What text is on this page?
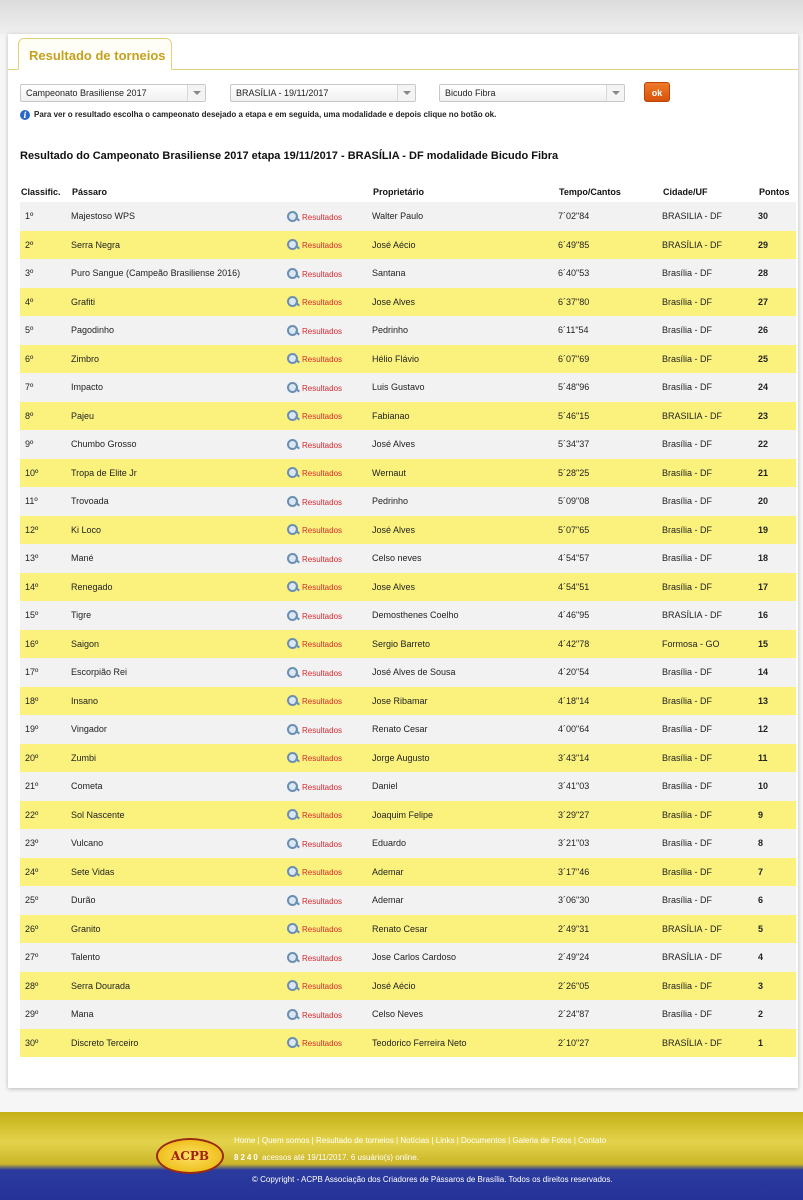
Resultado de torneios
Campeonato Brasiliense 2017	BRASÍLIA - 19/11/2017	Bicudo Fibra	ok
i Para ver o resultado escolha o campeonato desejado a etapa e em seguida, uma modalidade e depois clique no botão ok.
Resultado do Campeonato Brasiliense 2017 etapa 19/11/2017 - BRASÍLIA - DF modalidade Bicudo Fibra
Classific.	Pássaro		Proprietário	Tempo/Cantos	Cidade/UF	Pontos
1º	Majestoso WPS	Resultados	Walter Paulo	7´02"84	BRASILIA - DF	30
2º	Serra Negra	Resultados	José Aécio	6´49"85	BRASÍLIA - DF	29
3º	Puro Sangue (Campeão Brasiliense 2016)	Resultados	Santana	6´40"53	Brasília - DF	28
4º	Grafiti	Resultados	Jose Alves	6´37"80	Brasília - DF	27
5º	Pagodinho	Resultados	Pedrinho	6´11"54	Brasília - DF	26
6º	Zimbro	Resultados	Hélio Flávio	6´07"69	Brasília - DF	25
7º	Impacto	Resultados	Luis Gustavo	5´48"96	Brasília - DF	24
8º	Pajeu	Resultados	Fabianao	5´46"15	BRASILIA - DF	23
9º	Chumbo Grosso	Resultados	José Alves	5´34"37	Brasília - DF	22
10º	Tropa de Elite Jr	Resultados	Wernaut	5´28"25	Brasília - DF	21
11º	Trovoada	Resultados	Pedrinho	5´09"08	Brasília - DF	20
12º	Ki Loco	Resultados	José Alves	5´07"65	Brasília - DF	19
13º	Mané	Resultados	Celso neves	4´54"57	Brasília - DF	18
14º	Renegado	Resultados	Jose Alves	4´54"51	Brasília - DF	17
15º	Tigre	Resultados	Demosthenes Coelho	4´46"95	BRASÍLIA - DF	16
16º	Saigon	Resultados	Sergio Barreto	4´42"78	Formosa - GO	15
17º	Escorpião Rei	Resultados	José Alves de Sousa	4´20"54	Brasília - DF	14
18º	Insano	Resultados	Jose Ribamar	4´18"14	Brasília - DF	13
19º	Vingador	Resultados	Renato Cesar	4´00"64	Brasília - DF	12
20º	Zumbi	Resultados	Jorge Augusto	3´43"14	Brasília - DF	11
21º	Cometa	Resultados	Daniel	3´41"03	Brasília - DF	10
22º	Sol Nascente	Resultados	Joaquim Felipe	3´29"27	Brasília - DF	9
23º	Vulcano	Resultados	Eduardo	3´21"03	Brasília - DF	8
24º	Sete Vidas	Resultados	Ademar	3´17"46	Brasília - DF	7
25º	Durão	Resultados	Ademar	3´06"30	Brasília - DF	6
26º	Granito	Resultados	Renato Cesar	2´49"31	BRASÍLIA - DF	5
27º	Talento	Resultados	Jose Carlos Cardoso	2´49"24	BRASÍLIA - DF	4
28º	Serra Dourada	Resultados	José Aécio	2´26"05	Brasília - DF	3
29º	Mana	Resultados	Celso Neves	2´24"87	Brasília - DF	2
30º	Discreto Terceiro	Resultados	Teodorico Ferreira Neto	2´10"27	BRASÍLIA - DF	1
ACPB
Home | Quem somos | Resultado de torneios | Notícias | Links | Documentos | Galeria de Fotos | Contato
8240 acessos até 19/11/2017. 6 usuário(s) online.
© Copyright - ACPB Associação dos Criadores de Pássaros de Brasília. Todos os direitos reservados.
